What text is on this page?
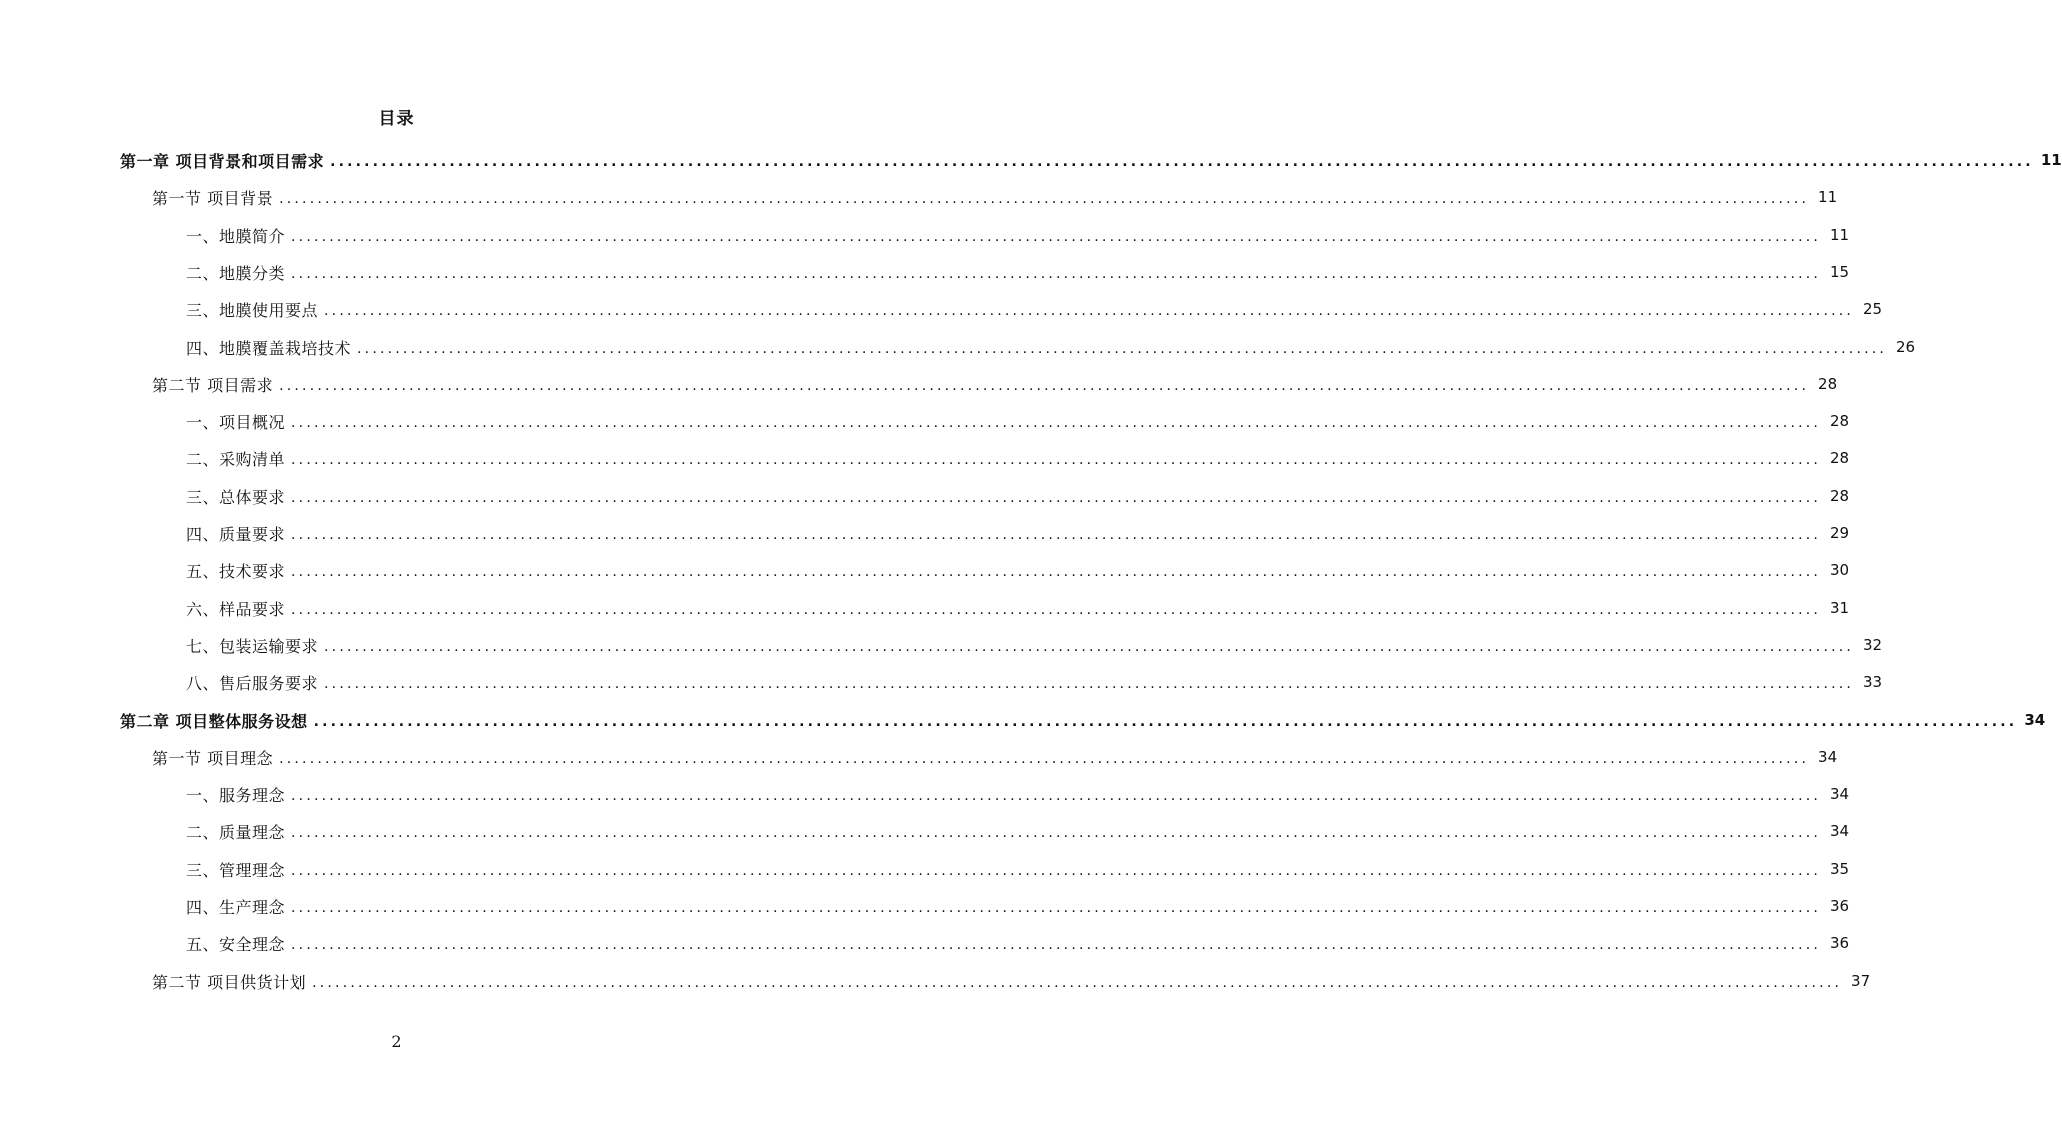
目录
第一章 项目背景和项目需求 ........................................................................................................................................................................................................ 11
第一节 项目背景 ........................................................................................................................................................................................................ 11
一、地膜简介 ........................................................................................................................................................................................................ 11
二、地膜分类 ........................................................................................................................................................................................................ 15
三、地膜使用要点 ........................................................................................................................................................................................................ 25
四、地膜覆盖栽培技术 ........................................................................................................................................................................................................ 26
第二节 项目需求 ........................................................................................................................................................................................................ 28
一、项目概况 ........................................................................................................................................................................................................ 28
二、采购清单 ........................................................................................................................................................................................................ 28
三、总体要求 ........................................................................................................................................................................................................ 28
四、质量要求 ........................................................................................................................................................................................................ 29
五、技术要求 ........................................................................................................................................................................................................ 30
六、样品要求 ........................................................................................................................................................................................................ 31
七、包装运输要求 ........................................................................................................................................................................................................ 32
八、售后服务要求 ........................................................................................................................................................................................................ 33
第二章 项目整体服务设想 ........................................................................................................................................................................................................ 34
第一节 项目理念 ........................................................................................................................................................................................................ 34
一、服务理念 ........................................................................................................................................................................................................ 34
二、质量理念 ........................................................................................................................................................................................................ 34
三、管理理念 ........................................................................................................................................................................................................ 35
四、生产理念 ........................................................................................................................................................................................................ 36
五、安全理念 ........................................................................................................................................................................................................ 36
第二节 项目供货计划 ........................................................................................................................................................................................................ 37
2
